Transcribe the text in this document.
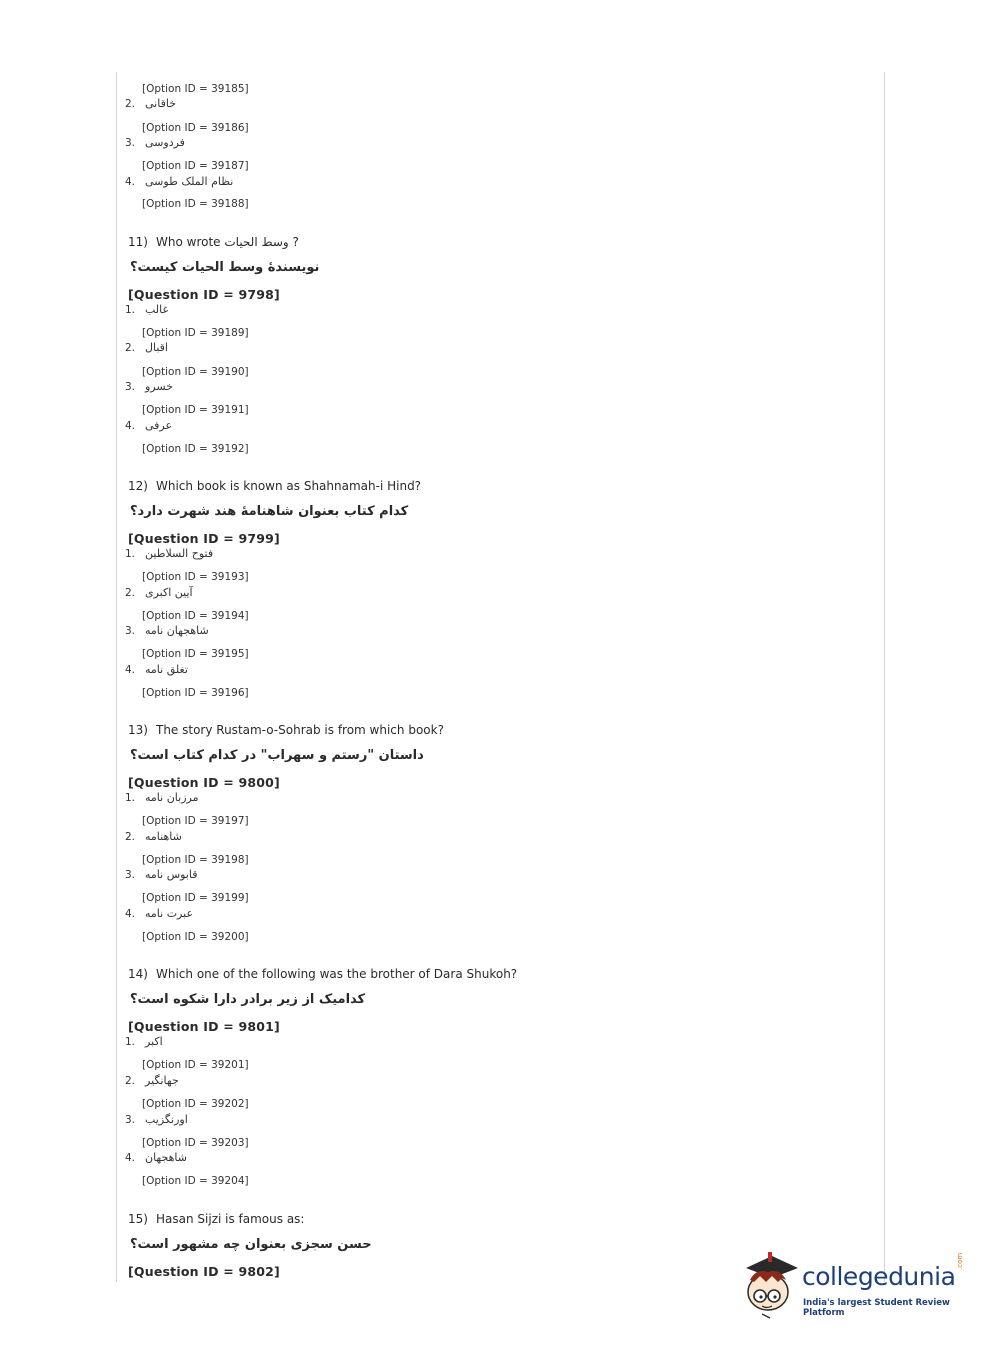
[Option ID = 39185]
2. خاقانی
[Option ID = 39186]
3. فردوسی
[Option ID = 39187]
4. نظام الملک طوسی
[Option ID = 39188]
11) Who wrote وسط الحیات ?
نویسندهٔ وسط الحیات کیست؟
[Question ID = 9798]
1. غالب
[Option ID = 39189]
2. اقبال
[Option ID = 39190]
3. خسرو
[Option ID = 39191]
4. عرفی
[Option ID = 39192]
12) Which book is known as Shahnamah-i Hind?
کدام کتاب بعنوان شاهنامهٔ هند شهرت دارد؟
[Question ID = 9799]
1. فتوح السلاطین
[Option ID = 39193]
2. آیین اکبری
[Option ID = 39194]
3. شاهجهان نامه
[Option ID = 39195]
4. تغلق نامه
[Option ID = 39196]
13) The story Rustam-o-Sohrab is from which book?
داستان "رستم و سهراب" در کدام کتاب است؟
[Question ID = 9800]
1. مرزبان نامه
[Option ID = 39197]
2. شاهنامه
[Option ID = 39198]
3. قابوس نامه
[Option ID = 39199]
4. عبرت نامه
[Option ID = 39200]
14) Which one of the following was the brother of Dara Shukoh?
کدامیک از زیر برادر دارا شکوه است؟
[Question ID = 9801]
1. اکبر
[Option ID = 39201]
2. جهانگیر
[Option ID = 39202]
3. اورنگزیب
[Option ID = 39203]
4. شاهجهان
[Option ID = 39204]
15) Hasan Sijzi is famous as:
حسن سجزی بعنوان چه مشهور است؟
[Question ID = 9802]	collegedunia
.com
India's largest Student Review Platform
